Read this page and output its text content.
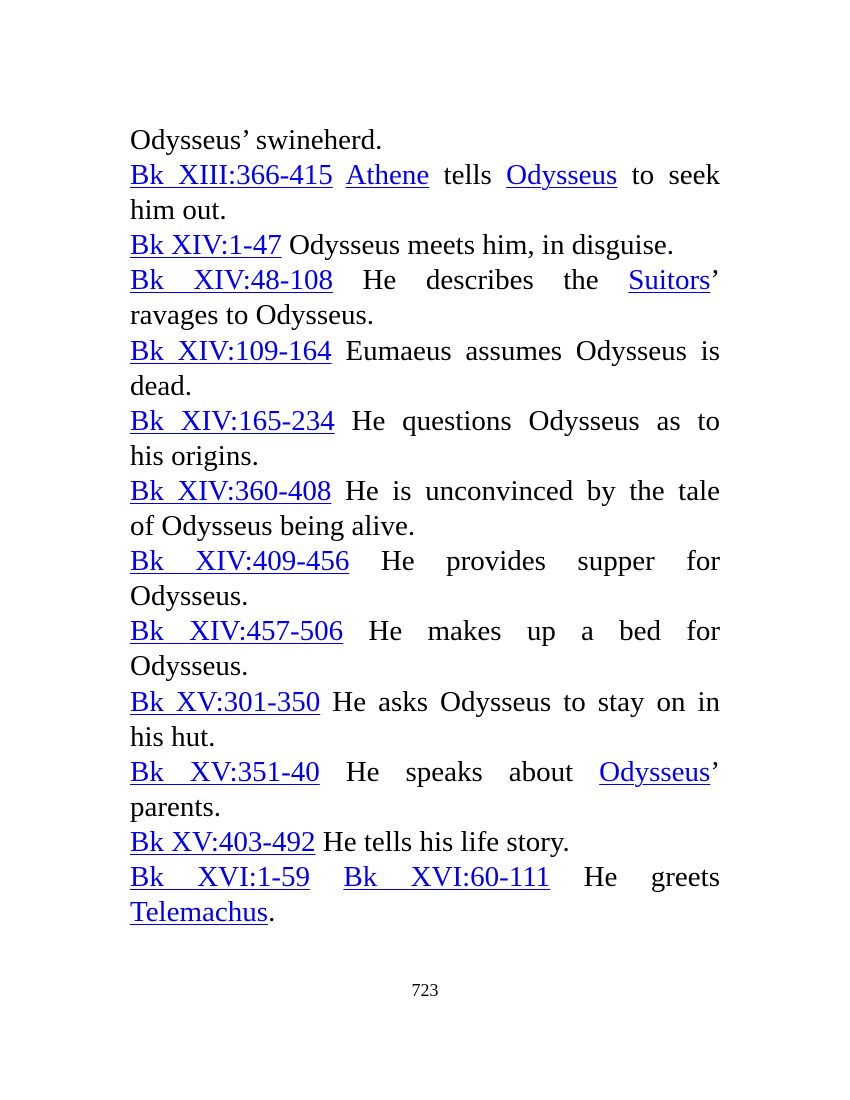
Odysseus’ swineherd.
Bk XIII:366-415 Athene tells Odysseus to seek
him out.
Bk XIV:1-47 Odysseus meets him, in disguise.
Bk XIV:48-108 He describes the Suitors’
ravages to Odysseus.
Bk XIV:109-164 Eumaeus assumes Odysseus is
dead.
Bk XIV:165-234 He questions Odysseus as to
his origins.
Bk XIV:360-408 He is unconvinced by the tale
of Odysseus being alive.
Bk XIV:409-456 He provides supper for
Odysseus.
Bk XIV:457-506 He makes up a bed for
Odysseus.
Bk XV:301-350 He asks Odysseus to stay on in
his hut.
Bk XV:351-40 He speaks about Odysseus’
parents.
Bk XV:403-492 He tells his life story.
Bk XVI:1-59 Bk XVI:60-111 He greets
Telemachus.
723
